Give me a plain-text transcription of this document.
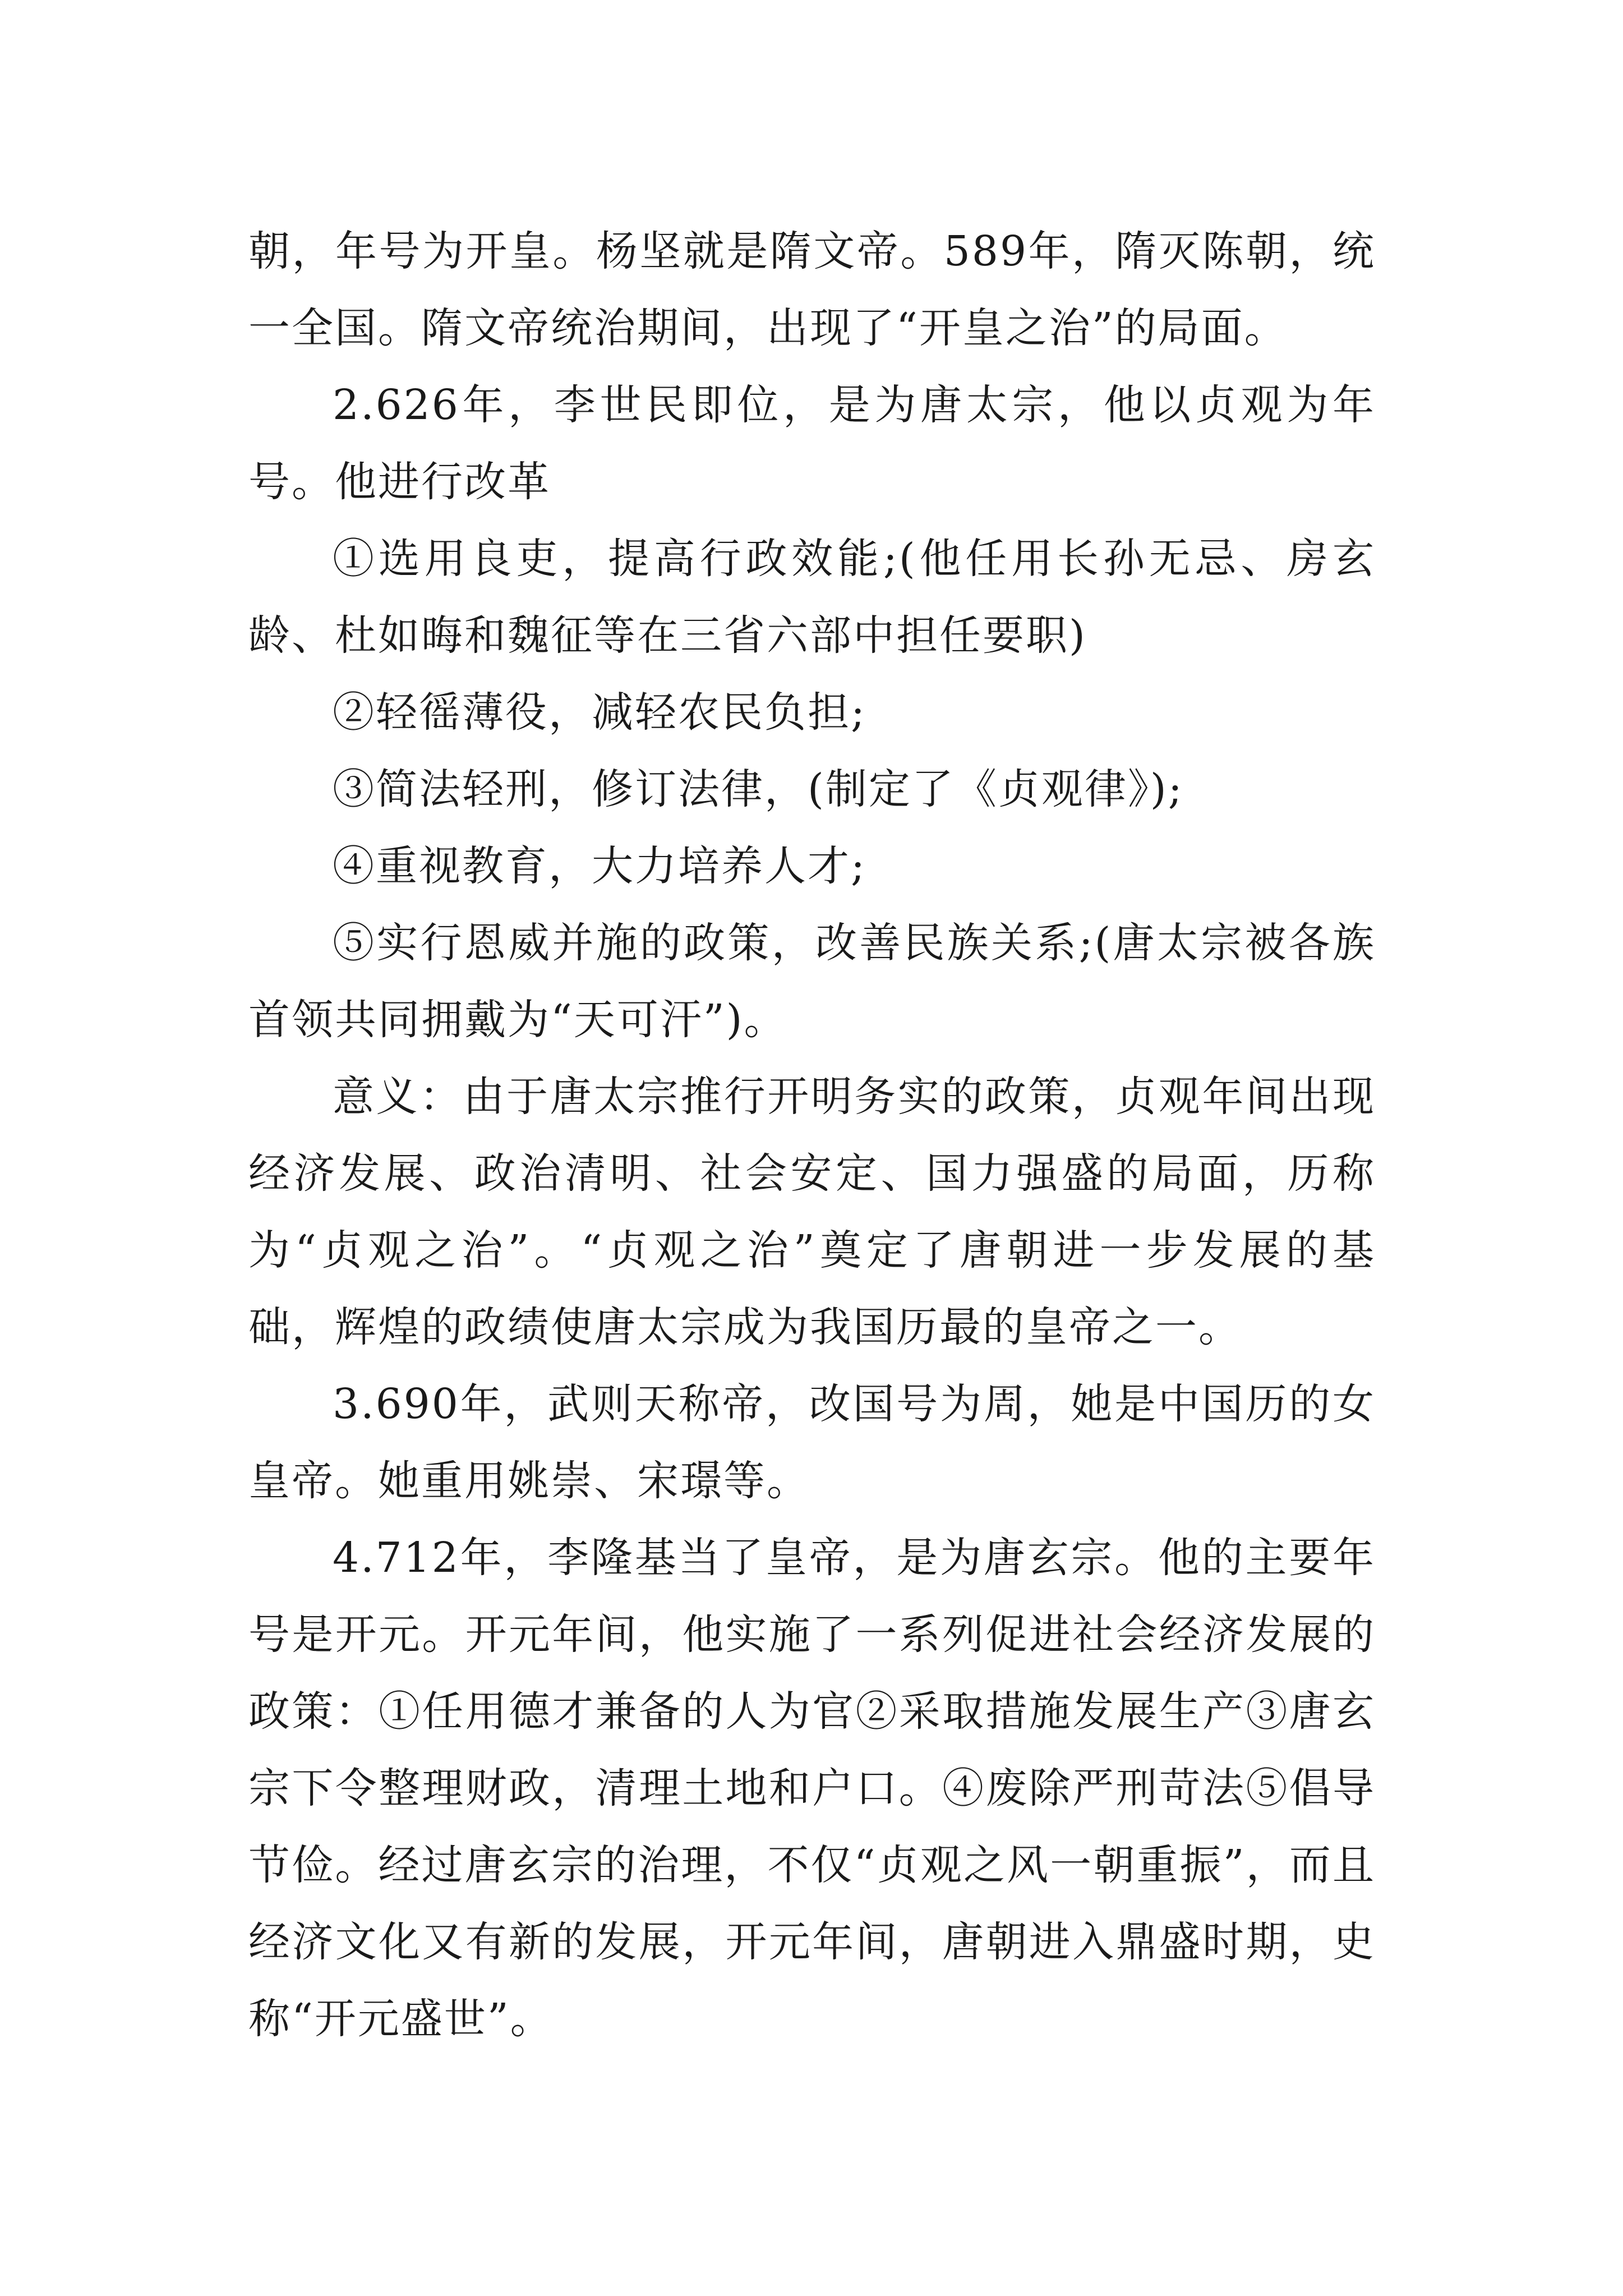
朝，年号为开皇。杨坚就是隋文帝。589年，隋灭陈朝，统一全国。隋文帝统治期间，出现了“开皇之治”的局面。

2.626年，李世民即位，是为唐太宗，他以贞观为年号。他进行改革

①选用良吏，提高行政效能;(他任用长孙无忌、房玄龄、杜如晦和魏征等在三省六部中担任要职)

②轻徭薄役，减轻农民负担;

③简法轻刑，修订法律，(制定了《贞观律》);

④重视教育，大力培养人才;

⑤实行恩威并施的政策，改善民族关系;(唐太宗被各族首领共同拥戴为“天可汗”)。

意义：由于唐太宗推行开明务实的政策，贞观年间出现经济发展、政治清明、社会安定、国力强盛的局面，历称为“贞观之治”。“贞观之治”奠定了唐朝进一步发展的基础，辉煌的政绩使唐太宗成为我国历最的皇帝之一。

3.690年，武则天称帝，改国号为周，她是中国历的女皇帝。她重用姚崇、宋璟等。

4.712年，李隆基当了皇帝，是为唐玄宗。他的主要年号是开元。开元年间，他实施了一系列促进社会经济发展的政策：①任用德才兼备的人为官②采取措施发展生产③唐玄宗下令整理财政，清理土地和户口。④废除严刑苛法⑤倡导节俭。经过唐玄宗的治理，不仅“贞观之风一朝重振”，而且经济文化又有新的发展，开元年间，唐朝进入鼎盛时期，史称“开元盛世”。
